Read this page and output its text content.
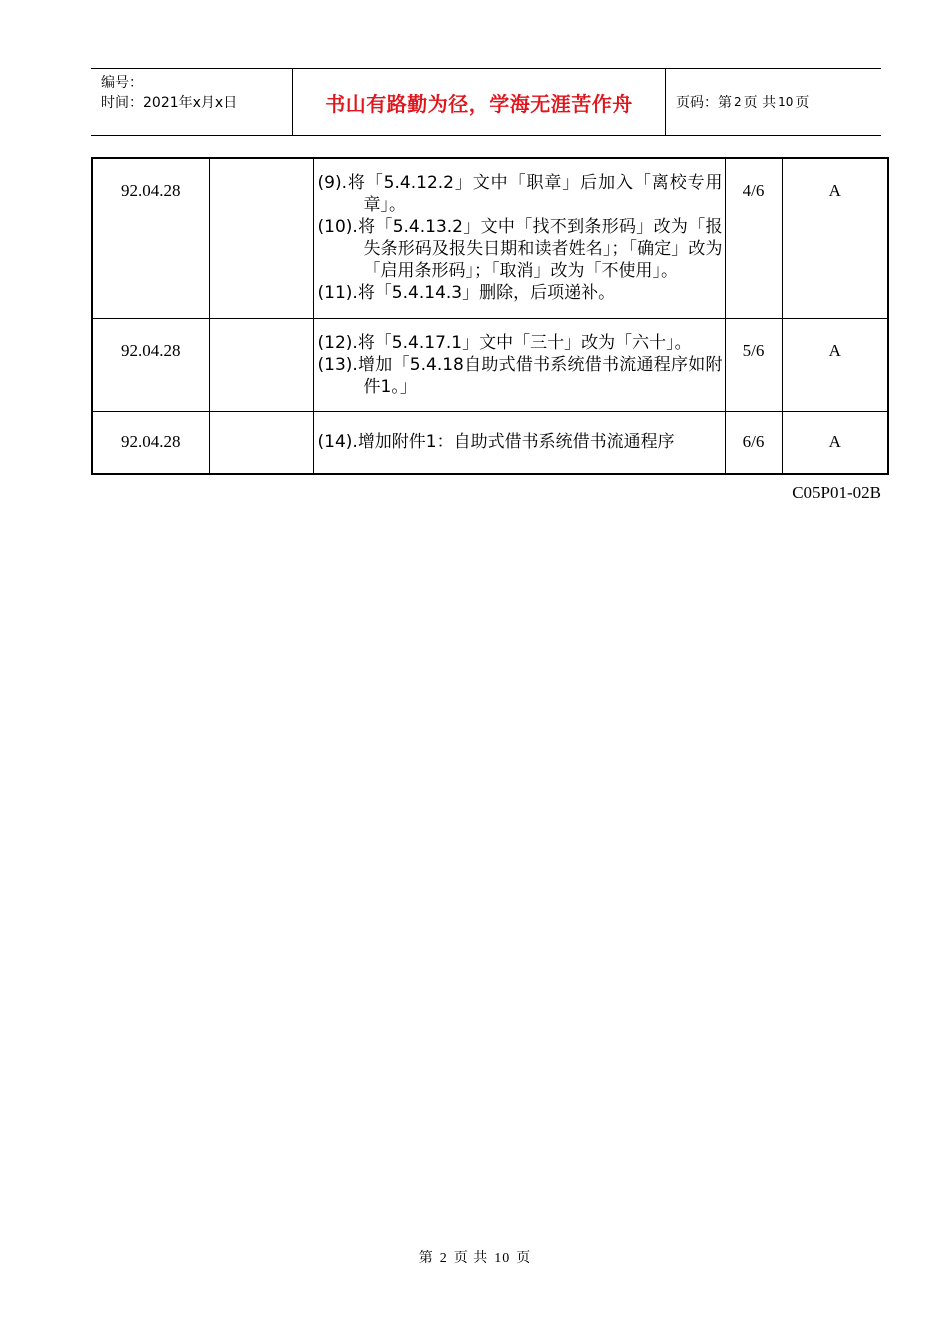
编号：
时间：2021年x月x日	书山有路勤为径，学海无涯苦作舟	页码：第 2 页 共 10 页
92.04.28		(9).将「5.4.12.2」文中「职章」后加入「离校专用章」。

(10).将「5.4.13.2」文中「找不到条形码」改为「报失条形码及报失日期和读者姓名」；「确定」改为「启用条形码」；「取消」改为「不使用」。

(11).将「5.4.14.3」删除，后项递补。	4/6	A
92.04.28		(12).将「5.4.17.1」文中「三十」改为「六十」。

(13).增加「5.4.18自助式借书系统借书流通程序如附件1。」	5/6	A
92.04.28		(14).增加附件1：自助式借书系统借书流通程序	6/6	A
C05P01-02B
第 2 页 共 10 页
